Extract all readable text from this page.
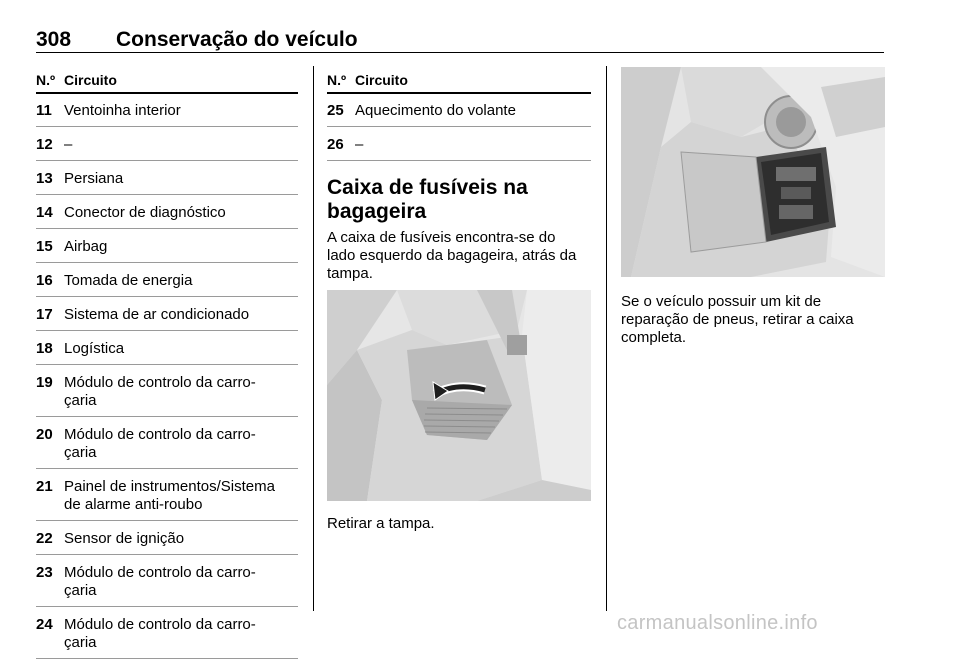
308 Conservação do veículo
N.º Circuito
11 Ventoinha interior
12 –
13 Persiana
14 Conector de diagnóstico
15 Airbag
16 Tomada de energia
17 Sistema de ar condicionado
18 Logística
19 Módulo de controlo da carro-
çaria
20 Módulo de controlo da carro-
çaria
21 Painel de instrumentos/Sistema
de alarme anti-roubo
22 Sensor de ignição
23 Módulo de controlo da carro-
çaria
24 Módulo de controlo da carro-
çaria
N.º Circuito
25 Aquecimento do volante
26 –
Caixa de fusíveis na
bagageira
A caixa de fusíveis encontra-se do
lado esquerdo da bagageira, atrás da
tampa.
Retirar a tampa.
Se o veículo possuir um kit de
reparação de pneus, retirar a caixa
completa.
carmanualsonline.info
